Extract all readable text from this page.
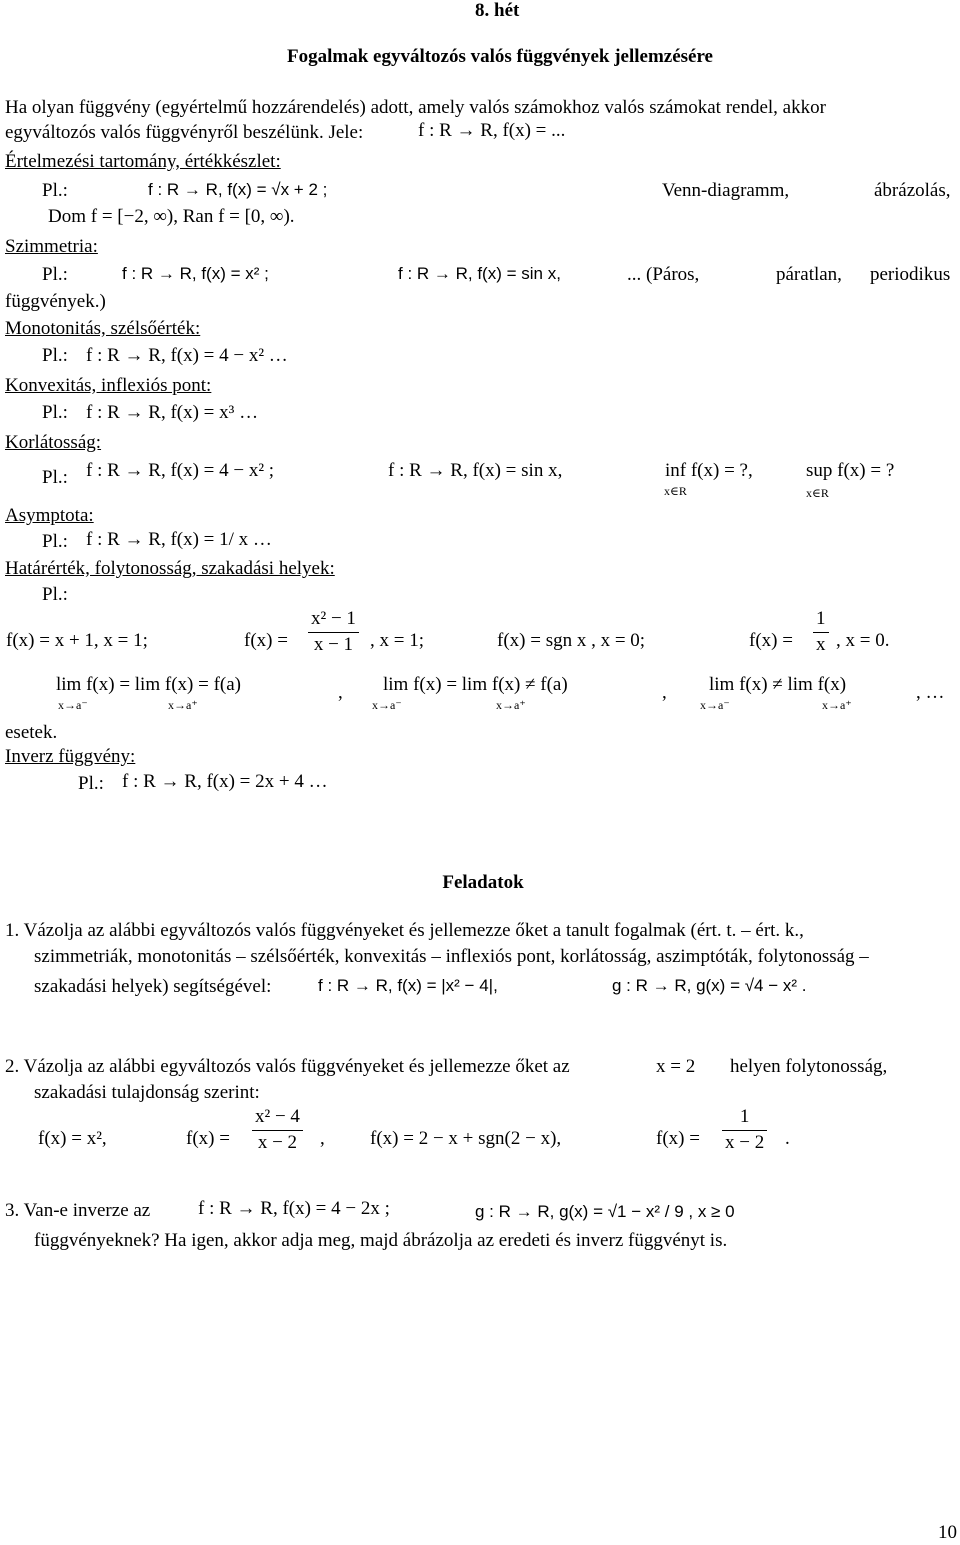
8. hét
Fogalmak egyváltozós valós függvények jellemzésére
Ha olyan függvény (egyértelmű hozzárendelés) adott, amely valós számokhoz valós számokat rendel, akkor
egyváltozós valós függvényről beszélünk. Jele:	f : R → R, f(x) = ...
Értelmezési tartomány, értékkészlet:
Pl.:	f : R → R, f(x) = √x + 2 ;	Venn-diagramm,	ábrázolás,
Dom f = [−2, ∞), Ran f = [0, ∞).
Szimmetria:
Pl.:	f : R → R, f(x) = x² ;	f : R → R, f(x) = sin x,	... (Páros,	páratlan, periodikus
függvények.)
Monotonitás, szélsőérték:
Pl.: f : R → R, f(x) = 4 − x² …
Konvexitás, inflexiós pont:
Pl.: f : R → R, f(x) = x³ …
Korlátosság:
Pl.: f : R → R, f(x) = 4 − x² ;	f : R → R, f(x) = sin x,	inf f(x) = ?,
x∈R
sup f(x) = ?
x∈R
Asymptota:
Pl.: f : R → R, f(x) = 1/ x …
Határérték, folytonosság, szakadási helyek:
Pl.:
f(x) = x + 1, x = 1;	$f(x) = \frac{\text{x² − 1}}{x - 1}$ , x = 1;	f(x) = sgn x , x = 0;	$f(x) = \frac{1}{x}$ , x = 0.
lim f(x) = lim f(x) = f(a)
x→a⁻	x→a⁺
, lim f(x) = lim f(x) ≠ f(a)
x→a⁻	x→a⁺
, lim f(x) ≠ lim f(x)
x→a⁻	x→a⁺
, …
esetek.
Inverz függvény:
Pl.: f : R → R, f(x) = 2x + 4 …
Feladatok
1. Vázolja az alábbi egyváltozós valós függvényeket és jellemezze őket a tanult fogalmak (ért. t. – ért. k.,
szimmetriák, monotonitás – szélsőérték, konvexitás – inflexiós pont, korlátosság, aszimptóták, folytonosság –
szakadási helyek) segítségével:	f : R → R, f(x) = |x² − 4|,	g : R → R, g(x) = √4 − x² .
2. Vázolja az alábbi egyváltozós valós függvényeket és jellemezze őket az	x = 2 helyen folytonosság,
szakadási tulajdonság szerint:
f(x) = x²,	$f(x) = \frac{\text{x² − 4}}{x - 2}$ , f(x) = 2 − x + sgn(2 − x),	$f(x) = \frac{1}{x - 2}$ .
3. Van-e inverze az	f : R → R, f(x) = 4 − 2x ;	g : R → R, g(x) = √1 − x² / 9 , x ≥ 0
függvényeknek? Ha igen, akkor adja meg, majd ábrázolja az eredeti és inverz függvényt is.
10
